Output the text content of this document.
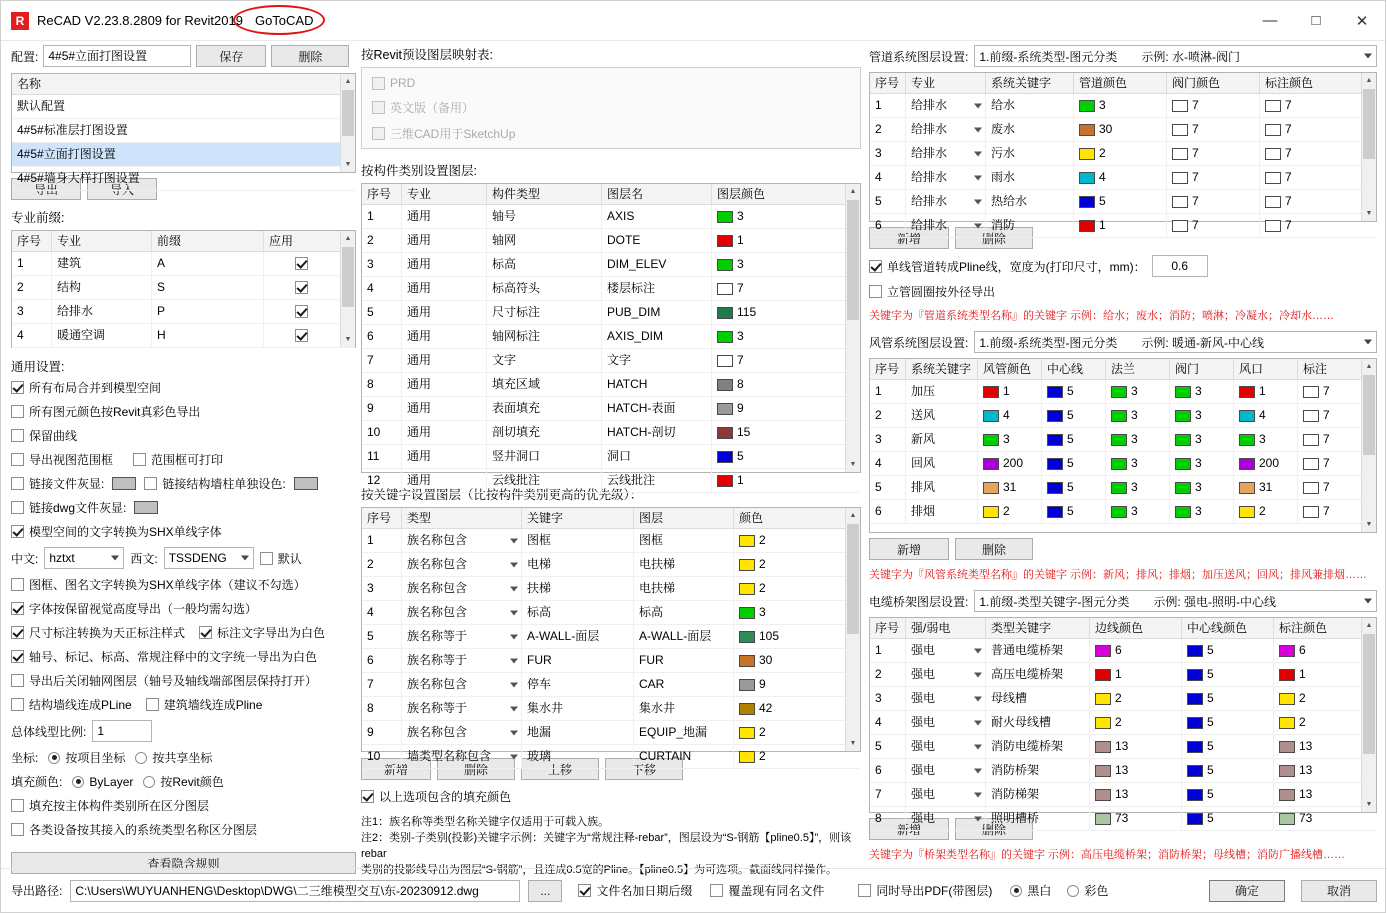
R ReCAD V2.23.8.2809 for Revit2019 GoToCAD	—	□	✕
配置: 4#5#立面打图设置	保存	删除
名称
默认配置
4#5#标准层打图设置
4#5#立面打图设置
4#5#墙身大样打图设置
▲
▼
导出	导入
专业前缀:
序号	专业	前缀	应用
1	建筑	A
2	结构	S
3	给排水	P
4	暖通空调	H
▲
▼
通用设置:
所有布局合并到模型空间
所有图元颜色按Revit真彩色导出
保留曲线
导出视图范围框	范围框可打印
链接文件灰显:	链接结构墙柱单独设色:
链接dwg文件灰显:
模型空间的文字转换为SHX单线字体
中文: hztxt	西文: TSSDENG	默认
图框、图名文字转换为SHX单线字体（建议不勾选）
字体按保留视觉高度导出（一般均需勾选）
尺寸标注转换为天正标注样式	标注文字导出为白色
轴号、标记、标高、常规注释中的文字统一导出为白色
导出后关闭轴网图层（轴号及轴线端部图层保持打开）
结构墙线连成PLine	建筑墙线连成Pline
总体线型比例: 1
坐标: 按项目坐标 按共享坐标
填充颜色: ByLayer 按Revit颜色
填充按主体构件类别所在区分图层
各类设备按其接入的系统类型名称区分图层
查看隐含规则
按Revit预设图层映射表:
PRD
英文版（备用）
三维CAD用于SketchUp
按构件类别设置图层:
序号	专业	构件类型	图层名	图层颜色
1	通用	轴号	AXIS	3
2	通用	轴网	DOTE	1
3	通用	标高	DIM_ELEV	3
4	通用	标高符头	楼层标注	7
5	通用	尺寸标注	PUB_DIM	115
6	通用	轴网标注	AXIS_DIM	3
7	通用	文字	文字	7
8	通用	填充区域	HATCH	8
9	通用	表面填充	HATCH-表面	9
10	通用	剖切填充	HATCH-剖切	15
11	通用	竖井洞口	洞口	5
12	通用	云线批注	云线批注	1
▲
▼
按关键字设置图层（比按构件类别更高的优先级）：
序号	类型	关键字	图层	颜色
1	族名称包含	图框	图框	2
2	族名称包含	电梯	电扶梯	2
3	族名称包含	扶梯	电扶梯	2
4	族名称包含	标高	标高	3
5	族名称等于	A-WALL-面层	A-WALL-面层	105
6	族名称等于	FUR	FUR	30
7	族名称包含	停车	CAR	9
8	族名称等于	集水井	集水井	42
9	族名称包含	地漏	EQUIP_地漏	2
10	墙类型名称包含	玻璃	CURTAIN	2
▲
▼
新增	删除	上移	下移
以上选项包含的填充颜色
注1：族名称等类型名称关键字仅适用于可载入族。
注2：类别-子类别(投影)关键字示例：关键字为“常规注释-rebar”，图层设为“S-钢筋【pline0.5】”，则该rebar
类别的投影线导出为图层“S-钢筋”，且连成0.5宽的Pline。【pline0.5】为可选项。截面线同样操作。
管道系统图层设置: 1.前缀-系统类型-图元分类　　示例: 水-喷淋-阀门
序号 专业	系统关键字	管道颜色	阀门颜色	标注颜色
1	给排水	给水	3	7	7
2	给排水	废水	30	7	7
3	给排水	污水	2	7	7
4	给排水	雨水	4	7	7
5	给排水	热给水	5	7	7
6	给排水	消防	1	7	7
▲
▼
新增	删除
单线管道转成Pline线，宽度为(打印尺寸，mm)：	0.6
立管圆圈按外径导出
关键字为『管道系统类型名称』的关键字 示例：给水；废水；消防；喷淋；冷凝水；冷却水……
风管系统图层设置: 1.前缀-系统类型-图元分类　　示例: 暖通-新风-中心线
序号 系统关键字 风管颜色	中心线	法兰	阀门	风口	标注
1	加压	1	5	3	3	1	7
2	送风	4	5	3	3	4	7
3	新风	3	5	3	3	3	7
4	回风	200	5	3	3	200	7
5	排风	31	5	3	3	31	7
6	排烟	2	5	3	3	2	7
▲
▼
新增	删除
关键字为『风管系统类型名称』的关键字 示例：新风；排风；排烟；加压送风；回风；排风兼排烟……
电缆桥架图层设置: 1.前缀-类型关键字-图元分类　　示例: 强电-照明-中心线
序号 强/弱电	类型关键字	边线颜色	中心线颜色	标注颜色
1	强电	普通电缆桥架	6	5	6
2	强电	高压电缆桥架	1	5	1
3	强电	母线槽	2	5	2
4	强电	耐火母线槽	2	5	2
5	强电	消防电缆桥架	13	5	13
6	强电	消防桥架	13	5	13
7	强电	消防梯架	13	5	13
8	强电	照明槽桥	73	5	73
▲
▼
新增	删除
关键字为『桥架类型名称』的关键字 示例：高压电缆桥架；消防桥架；母线槽；消防广播线槽……
导出路径:	C:\Users\WUYUANHENG\Desktop\DWG\二三维模型交互\东-20230912.dwg	...	文件名加日期后缀	覆盖现有同名文件	同时导出PDF(带图层)	黑白	彩色	确定	取消
